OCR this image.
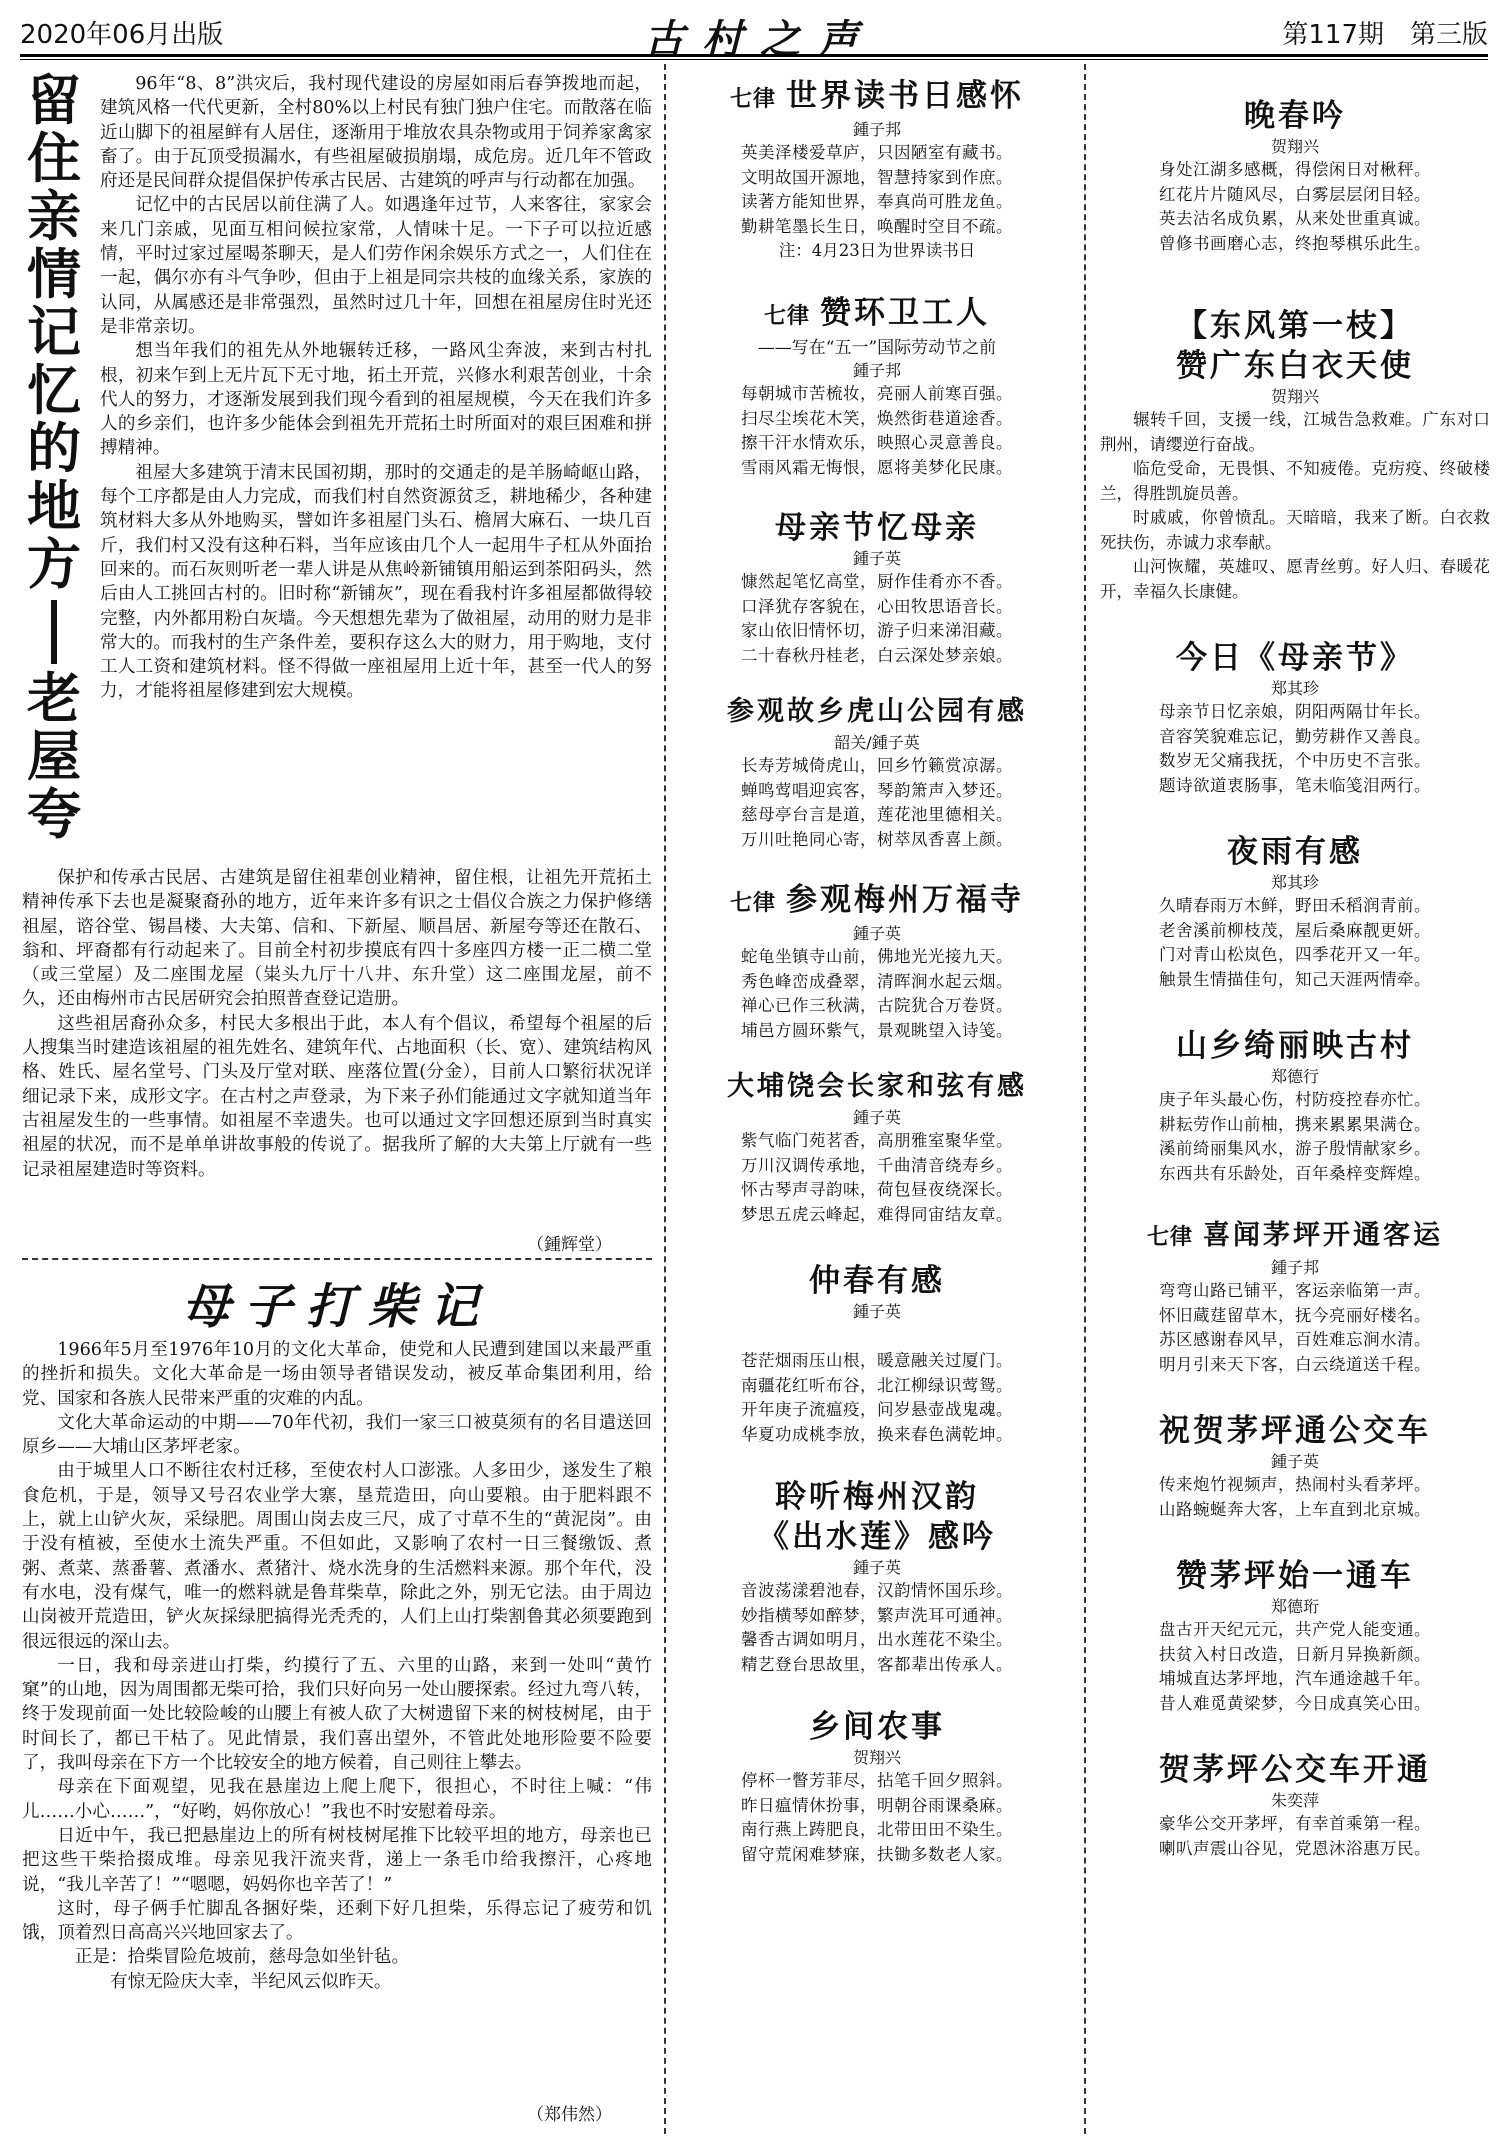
2020年06月出版	古村之声	第117期　第三版
留
住
亲
情
记
忆
的
地
方
老
屋
夸

96年“8、8”洪灾后，我村现代建设的房屋如雨后春笋拨地而起，建筑风格一代代更新，全村80%以上村民有独门独户住宅。而散落在临近山脚下的祖屋鲜有人居住，逐渐用于堆放农具杂物或用于饲养家禽家畜了。由于瓦顶受损漏水，有些祖屋破损崩塌，成危房。近几年不管政府还是民间群众提倡保护传承古民居、古建筑的呼声与行动都在加强。

记忆中的古民居以前住满了人。如遇逢年过节，人来客往，家家会来几门亲戚，见面互相问候拉家常，人情味十足。一下子可以拉近感情，平时过家过屋喝茶聊天，是人们劳作闲余娱乐方式之一，人们住在一起，偶尔亦有斗气争吵，但由于上祖是同宗共枝的血缘关系，家族的认同，从属感还是非常强烈，虽然时过几十年，回想在祖屋房住时光还是非常亲切。

想当年我们的祖先从外地辗转迁移，一路风尘奔波，来到古村扎根，初来乍到上无片瓦下无寸地，拓土开荒，兴修水利艰苦创业，十余代人的努力，才逐渐发展到我们现今看到的祖屋规模，今天在我们许多人的乡亲们，也许多少能体会到祖先开荒拓土时所面对的艰巨困难和拼搏精神。

祖屋大多建筑于清末民国初期，那时的交通走的是羊肠崎岖山路，每个工序都是由人力完成，而我们村自然资源贫乏，耕地稀少，各种建筑材料大多从外地购买，譬如许多祖屋门头石、檐屑大麻石、一块几百斤，我们村又没有这种石料，当年应该由几个人一起用牛子杠从外面抬回来的。而石灰则听老一辈人讲是从焦岭新铺镇用船运到茶阳码头，然后由人工挑回古村的。旧时称“新铺灰”，现在看我村许多祖屋都做得较完整，内外都用粉白灰墙。今天想想先辈为了做祖屋，动用的财力是非常大的。而我村的生产条件差，要积存这么大的财力，用于购地，支付工人工资和建筑材料。怪不得做一座祖屋用上近十年，甚至一代人的努力，才能将祖屋修建到宏大规模。

保护和传承古民居、古建筑是留住祖辈创业精神，留住根，让祖先开荒拓土精神传承下去也是凝聚裔孙的地方，近年来许多有识之士倡仪合族之力保护修缮祖屋，谘谷堂、锡昌楼、大夫第、信和、下新屋、顺昌居、新屋夸等还在散石、翁和、坪裔都有行动起来了。目前全村初步摸底有四十多座四方楼一正二横二堂（或三堂屋）及二座围龙屋（粜头九厅十八井、东升堂）这二座围龙屋，前不久，还由梅州市古民居研究会拍照普查登记造册。

这些祖居裔孙众多，村民大多根出于此，本人有个倡议，希望每个祖屋的后人搜集当时建造该祖屋的祖先姓名、建筑年代、占地面积（长、宽）、建筑结构风格、姓氏、屋名堂号、门头及厅堂对联、座落位置(分金），目前人口繁衍状况详细记录下来，成形文字。在古村之声登录，为下来子孙们能通过文字就知道当年古祖屋发生的一些事情。如祖屋不幸遗失。也可以通过文字回想还原到当时真实祖屋的状况，而不是单单讲故事般的传说了。据我所了解的大夫第上厅就有一些记录祖屋建造时等资料。

（鍾辉堂）
母子打柴记

1966年5月至1976年10月的文化大革命，使党和人民遭到建国以来最严重的挫折和损失。文化大革命是一场由领导者错误发动，被反革命集团利用，给党、国家和各族人民带来严重的灾难的内乱。

文化大革命运动的中期——70年代初，我们一家三口被莫须有的名目遣送回原乡——大埔山区茅坪老家。

由于城里人口不断往农村迁移，至使农村人口澎涨。人多田少，遂发生了粮食危机，于是，领导又号召农业学大寨，垦荒造田，向山要粮。由于肥料跟不上，就上山铲火灰，采绿肥。周围山岗去皮三尺，成了寸草不生的“黄泥岗”。由于没有植被，至使水土流失严重。不但如此，又影响了农村一日三餐缴饭、煮粥、煮菜、蒸番薯、煮潘水、煮猪汁、烧水洗身的生活燃料来源。那个年代，没有水电，没有煤气，唯一的燃料就是鲁茸柴草，除此之外，别无它法。由于周边山岗被开荒造田，铲火灰採绿肥搞得光秃秃的，人们上山打柴割鲁萁必须要跑到很远很远的深山去。

一日，我和母亲进山打柴，约摸行了五、六里的山路，来到一处叫“黄竹窠”的山地，因为周围都无柴可拾，我们只好向另一处山腰探索。经过九弯八转，终于发现前面一处比较险峻的山腰上有被人砍了大树遗留下来的树枝树尾，由于时间长了，都已干枯了。见此情景，我们喜出望外，不管此处地形险要不险要了，我叫母亲在下方一个比较安全的地方候着，自己则往上攀去。

母亲在下面观望，见我在悬崖边上爬上爬下，很担心，不时往上喊：“伟儿……小心……”，“好哟，妈你放心！”我也不时安慰着母亲。

日近中午，我已把悬崖边上的所有树枝树尾推下比较平坦的地方，母亲也已把这些干柴拾掇成堆。母亲见我汗流夹背，递上一条毛巾给我擦汗，心疼地说，“我儿辛苦了！”“嗯嗯，妈妈你也辛苦了！”

这时，母子俩手忙脚乱各捆好柴，还剩下好几担柴，乐得忘记了疲劳和饥饿，顶着烈日高高兴兴地回家去了。

正是：拾柴冒险危坡前，慈母急如坐针毡。

有惊无险庆大幸，半纪风云似昨天。

（郑伟然）
七律 世界读书日感怀
鍾子邦
英美泽楼爱草庐，只因陋室有藏书。
文明故国开源地，智慧持家到作庶。
读著方能知世界，奉真尚可胜龙鱼。
勤耕笔墨长生日，唤醒时空目不疏。
注：4月23日为世界读书日
七律 赞环卫工人
——写在“五一”国际劳动节之前
鍾子邦
每朝城市苦梳妆，亮丽人前寒百强。
扫尽尘埃花木笑，焕然街巷道途香。
擦干汗水情欢乐，映照心灵意善良。
雪雨风霜无悔恨，愿将美梦化民康。
母亲节忆母亲
鍾子英
慷然起笔忆高堂，厨作佳肴亦不香。
口泽犹存客貌在，心田牧思语音长。
家山依旧情怀切，游子归来涕泪藏。
二十春秋丹桂老，白云深处梦亲娘。
参观故乡虎山公园有感
韶关/鍾子英
长寿芳城倚虎山，回乡竹籁赏凉潺。
蝉鸣莺唱迎宾客，琴韵箫声入梦还。
慈母亭台言是道，莲花池里德相关。
万川吐艳同心寄，树萃凤香喜上颜。
七律 参观梅州万福寺
鍾子英
蛇龟坐镇寺山前，佛地光光接九天。
秀色峰峦成叠翠，清晖涧水起云烟。
禅心已作三秋满，古院犹合万卷贤。
埔邑方圆环紫气，景观眺望入诗笺。
大埔饶会长家和弦有感
鍾子英
紫气临门苑茗香，高朋雅室聚华堂。
万川汉调传承地，千曲清音绕寿乡。
怀古琴声寻韵味，荷包昼夜绕深长。
梦思五虎云峰起，难得同宙结友章。
仲春有感
鍾子英
苍茫烟雨压山根，暖意融关过厦门。
南疆花红听布谷，北江柳绿识莺鸳。
开年庚子流瘟疫，问岁悬壶战鬼魂。
华夏功成桃李放，换来春色满乾坤。
聆听梅州汉韵
《出水莲》感吟
鍾子英
音波荡漾碧池春，汉韵情怀国乐珍。
妙指横琴如醉梦，繁声洗耳可通神。
馨香古调如明月，出水莲花不染尘。
精艺登台思故里，客都辈出传承人。
乡间农事
贺翔兴
停杯一瞥芳菲尽，拈笔千回夕照斜。
昨日瘟情休扮事，明朝谷雨课桑麻。
南行燕上踌肥良，北带田田不染生。
留守荒闲难梦寐，扶锄多数老人家。
晚春吟
贺翔兴
身处江湖多感概，得偿闲日对楸秤。
红花片片随风尽，白雾层层闭目轻。
英去沽名成负累，从来处世重真诚。
曾修书画磨心志，终抱琴棋乐此生。
【东风第一枝】
赞广东白衣天使
贺翔兴
辗转千回，支援一线，江城告急救难。广东对口荆州，请缨逆行奋战。
临危受命，无畏惧、不知疲倦。克疠疫、终破楼兰，得胜凯旋员善。
时戚戚，你曾愤乱。天暗暗，我来了断。白衣救死扶伤，赤诚力求奉献。
山河恢耀，英雄叹、愿青丝剪。好人归、春暖花开，幸福久长康健。
今日《母亲节》
郑其珍
母亲节日忆亲娘，阴阳两隔廿年长。
音容笑貌难忘记，勤劳耕作又善良。
数岁无父痛我抚，个中历史不言张。
题诗欲道衷肠事，笔未临笺泪两行。
夜雨有感
郑其珍
久晴春雨万木鲜，野田禾稻润青前。
老舍溪前柳枝茂，屋后桑麻靓更妍。
门对青山松岚色，四季花开又一年。
触景生情描佳句，知己天涯两情牵。
山乡绮丽映古村
郑德行
庚子年头最心伤，村防疫控春亦忙。
耕耘劳作山前柚，携来累累果满仓。
溪前绮丽集风水，游子殷情献家乡。
东西共有乐龄处，百年桑梓变辉煌。
七律 喜闻茅坪开通客运
鍾子邦
弯弯山路已铺平，客运亲临第一声。
怀旧蔵莛留草木，抚今亮丽好楼名。
苏区感谢春风早，百姓难忘涧水清。
明月引来天下客，白云绕道送千程。
祝贺茅坪通公交车
鍾子英
传来炮竹视频声，热闹村头看茅坪。
山路蜿蜒奔大客，上车直到北京城。
赞茅坪始一通车
郑德珩
盘古开天纪元元，共产党人能变通。
扶贫入村日改造，日新月异换新颜。
埔城直达茅坪地，汽车通途越千年。
昔人难觅黄梁梦，今日成真笑心田。
贺茅坪公交车开通
朱奕萍
豪华公交开茅坪，有幸首乘第一程。
喇叭声震山谷见，党恩沐浴惠万民。
